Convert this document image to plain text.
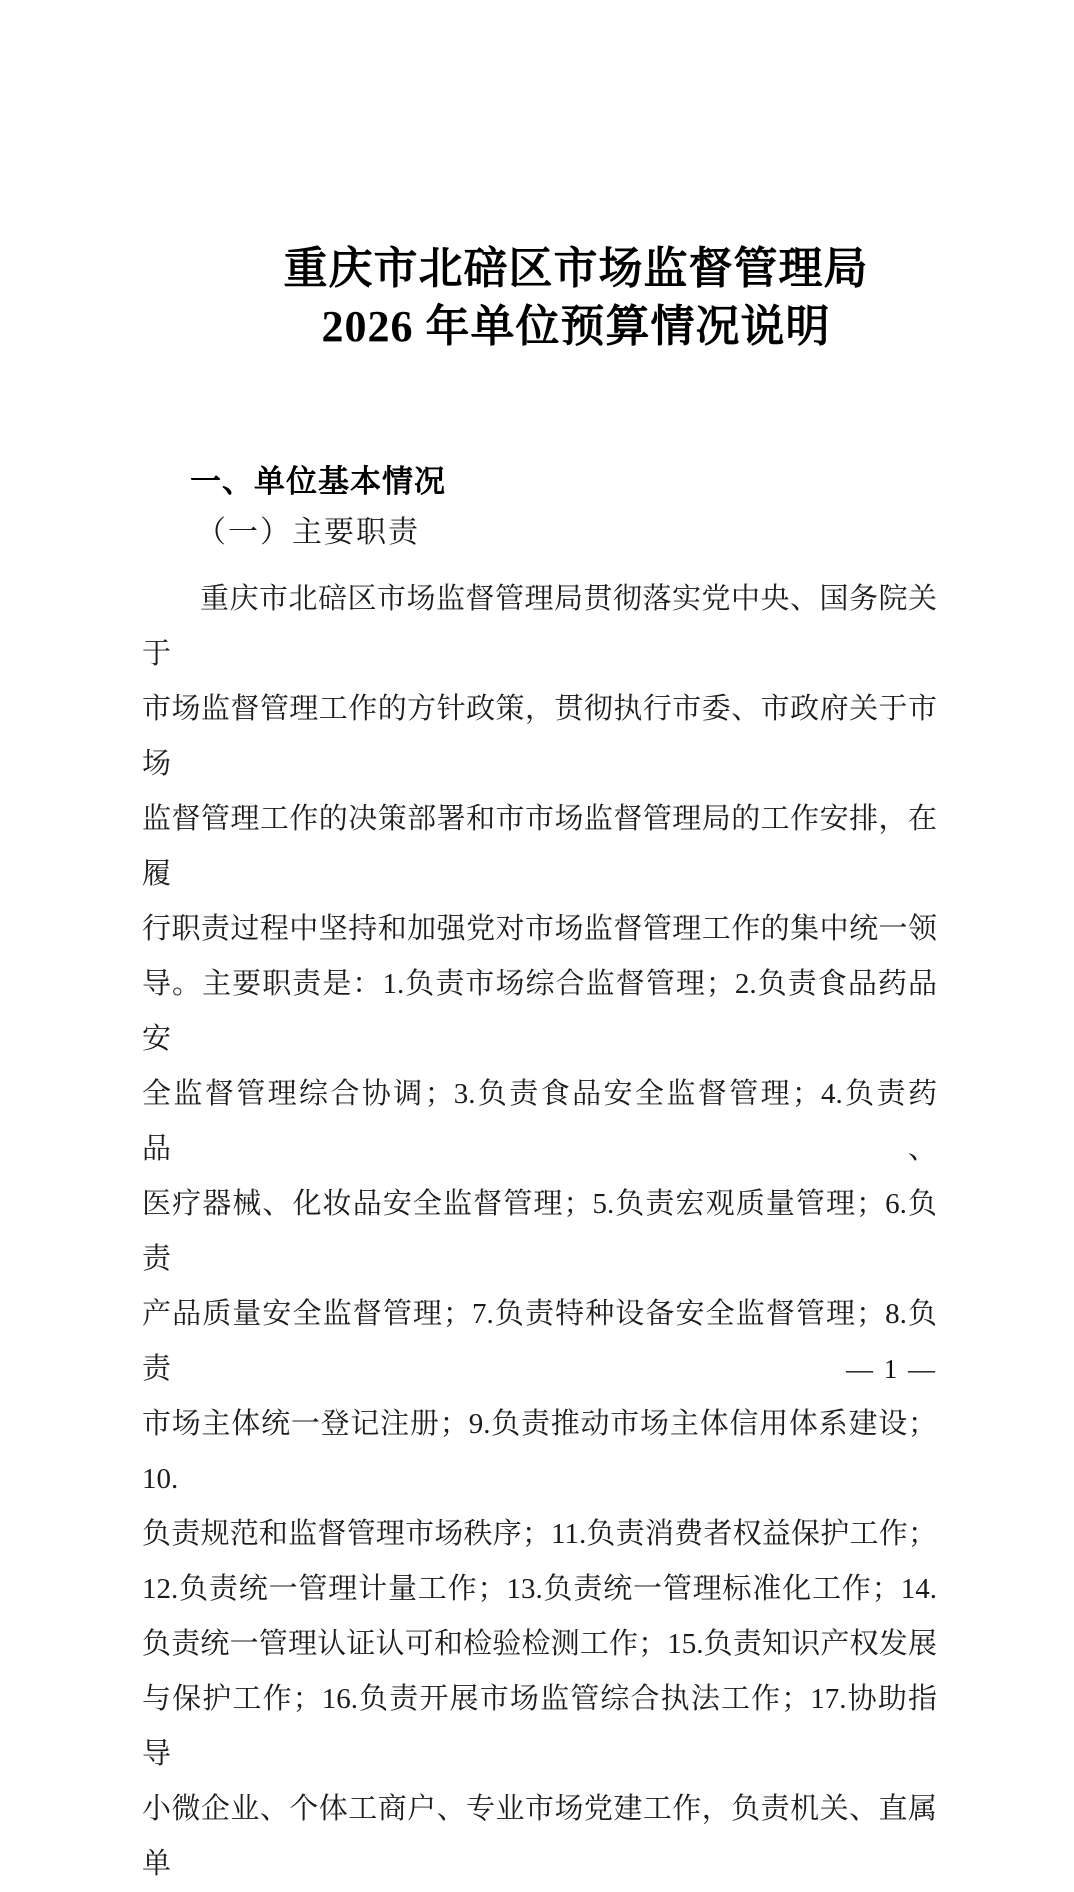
重庆市北碚区市场监督管理局
2026 年单位预算情况说明
一、单位基本情况
（一）主要职责
重庆市北碚区市场监督管理局贯彻落实党中央、国务院关于
市场监督管理工作的方针政策，贯彻执行市委、市政府关于市场
监督管理工作的决策部署和市市场监督管理局的工作安排，在履
行职责过程中坚持和加强党对市场监督管理工作的集中统一领
导。主要职责是：1.负责市场综合监督管理；2.负责食品药品安
全监督管理综合协调；3.负责食品安全监督管理；4.负责药品、
医疗器械、化妆品安全监督管理；5.负责宏观质量管理；6.负责
产品质量安全监督管理；7.负责特种设备安全监督管理；8.负责
市场主体统一登记注册；9.负责推动市场主体信用体系建设；10.
负责规范和监督管理市场秩序；11.负责消费者权益保护工作；
12.负责统一管理计量工作；13.负责统一管理标准化工作；14.
负责统一管理认证认可和检验检测工作；15.负责知识产权发展
与保护工作；16.负责开展市场监管综合执法工作；17.协助指导
小微企业、个体工商户、专业市场党建工作，负责机关、直属单
— 1 —
